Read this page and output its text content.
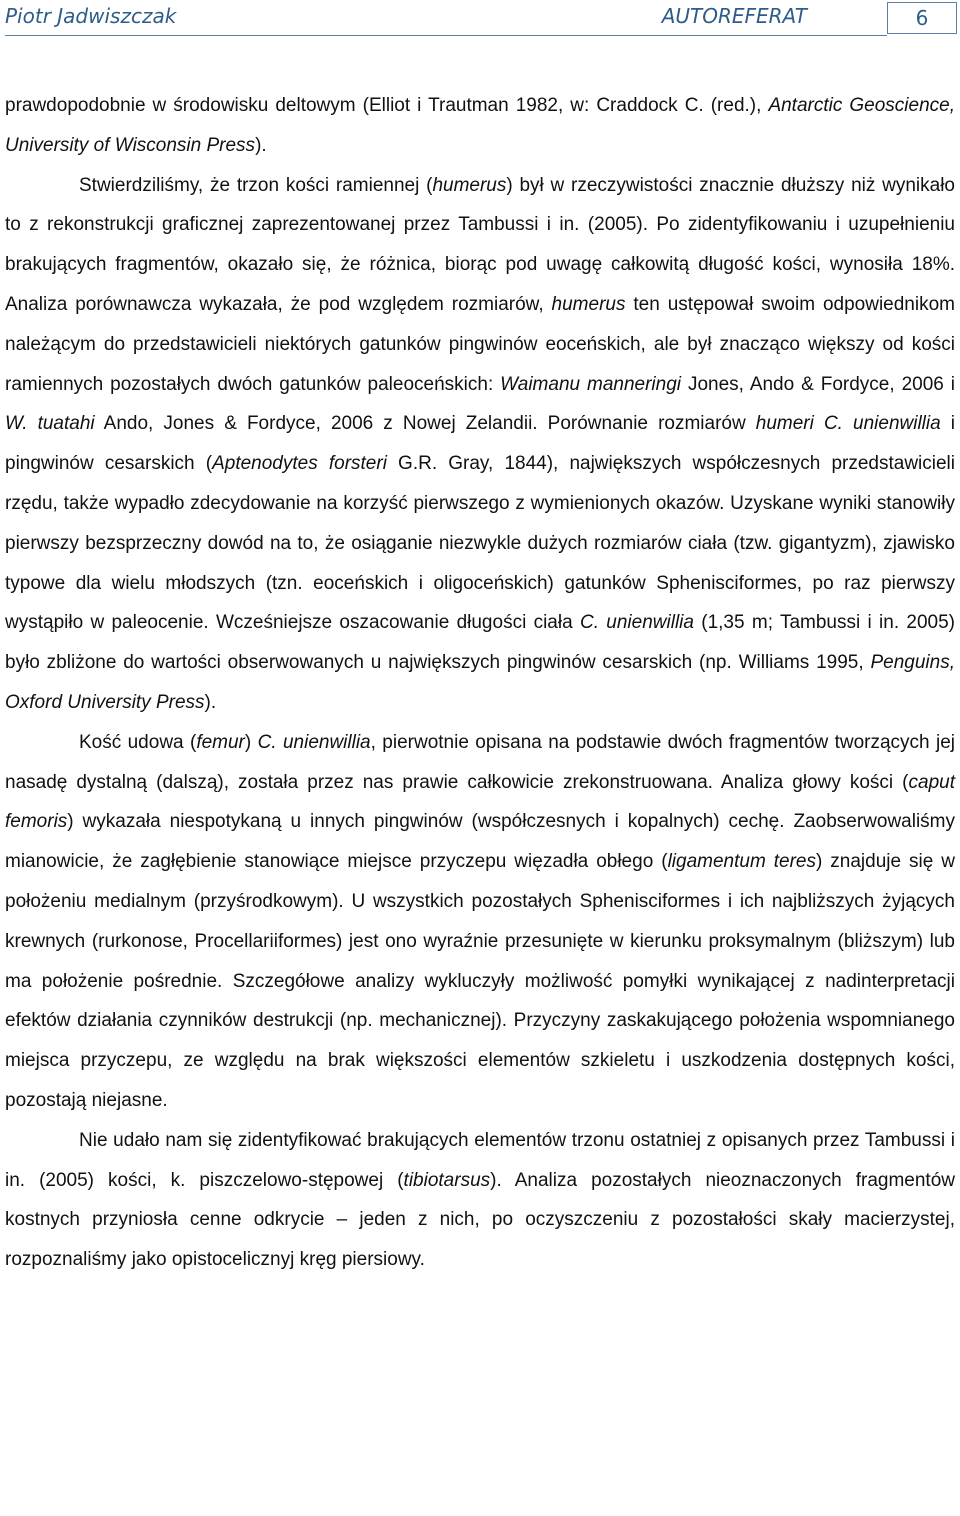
Piotr Jadwiszczak	AUTOREFERAT	6

prawdopodobnie w środowisku deltowym (Elliot i Trautman 1982, w: Craddock C. (red.), Antarctic Geoscience, University of Wisconsin Press).

Stwierdziliśmy, że trzon kości ramiennej (humerus) był w rzeczywistości znacznie dłuższy niż wynikało to z rekonstrukcji graficznej zaprezentowanej przez Tambussi i in. (2005). Po zidentyfikowaniu i uzupełnieniu brakujących fragmentów, okazało się, że różnica, biorąc pod uwagę całkowitą długość kości, wynosiła 18%. Analiza porównawcza wykazała, że pod względem rozmiarów, humerus ten ustępował swoim odpowiednikom należącym do przedstawicieli niektórych gatunków pingwinów eoceńskich, ale był znacząco większy od kości ramiennych pozostałych dwóch gatunków paleoceńskich: Waimanu manneringi Jones, Ando & Fordyce, 2006 i W. tuatahi Ando, Jones & Fordyce, 2006 z Nowej Zelandii. Porównanie rozmiarów humeri C. unienwillia i pingwinów cesarskich (Aptenodytes forsteri G.R. Gray, 1844), największych współczesnych przedstawicieli rzędu, także wypadło zdecydowanie na korzyść pierwszego z wymienionych okazów. Uzyskane wyniki stanowiły pierwszy bezsprzeczny dowód na to, że osiąganie niezwykle dużych rozmiarów ciała (tzw. gigantyzm), zjawisko typowe dla wielu młodszych (tzn. eoceńskich i oligoceńskich) gatunków Sphenisciformes, po raz pierwszy wystąpiło w paleocenie. Wcześniejsze oszacowanie długości ciała C. unienwillia (1,35 m; Tambussi i in. 2005) było zbliżone do wartości obserwowanych u największych pingwinów cesarskich (np. Williams 1995, Penguins, Oxford University Press).

Kość udowa (femur) C. unienwillia, pierwotnie opisana na podstawie dwóch fragmentów tworzących jej nasadę dystalną (dalszą), została przez nas prawie całkowicie zrekonstruowana. Analiza głowy kości (caput femoris) wykazała niespotykaną u innych pingwinów (współczesnych i kopalnych) cechę. Zaobserwowaliśmy mianowicie, że zagłębienie stanowiące miejsce przyczepu więzadła obłego (ligamentum teres) znajduje się w położeniu medialnym (przyśrodkowym). U wszystkich pozostałych Sphenisciformes i ich najbliższych żyjących krewnych (rurkonose, Procellariiformes) jest ono wyraźnie przesunięte w kierunku proksymalnym (bliższym) lub ma położenie pośrednie. Szczegółowe analizy wykluczyły możliwość pomyłki wynikającej z nadinterpretacji efektów działania czynników destrukcji (np. mechanicznej). Przyczyny zaskakującego położenia wspomnianego miejsca przyczepu, ze względu na brak większości elementów szkieletu i uszkodzenia dostępnych kości, pozostają niejasne.

Nie udało nam się zidentyfikować brakujących elementów trzonu ostatniej z opisanych przez Tambussi i in. (2005) kości, k. piszczelowo-stępowej (tibiotarsus). Analiza pozostałych nieoznaczonych fragmentów kostnych przyniosła cenne odkrycie – jeden z nich, po oczyszczeniu z pozostałości skały macierzystej, rozpoznaliśmy jako opistocelicznyj kręg piersiowy.
